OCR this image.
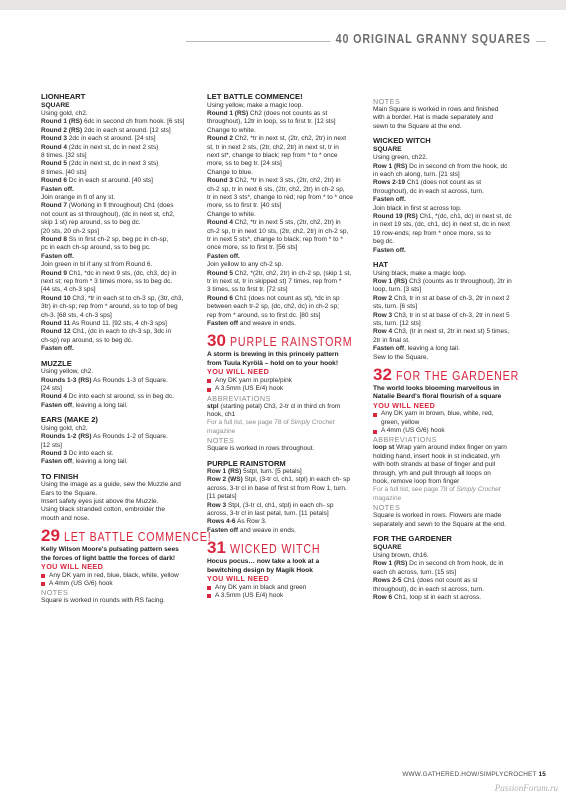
40 ORIGINAL GRANNY SQUARES

LIONHEART

SQUARE

Using gold, ch2.

Round 1 (RS) 6dc in second ch from hook. [6 sts]

Round 2 (RS) 2dc in each st around. [12 sts]

Round 3 2dc in each st around. [24 sts]

Round 4 (2dc in next st, dc in next 2 sts)

8 times. [32 sts]

Round 5 (2dc in next st, dc in next 3 sts)

8 times. [40 sts]

Round 6 Dc in each st around. [40 sts]

Fasten off.

Join orange in fl of any st.

Round 7 (Working in fl throughout) Ch1 (does

not count as st throughout), (dc in next st, ch2,

skip 1 st) rep around, ss to beg dc.

[20 sts, 20 ch-2 sps]

Round 8 Ss in first ch-2 sp, beg pc in ch-sp,

pc in each ch-sp around, ss to beg pc.

Fasten off.

Join green in bl if any st from Round 6.

Round 9 Ch1, *dc in next 9 sts, (dc, ch3, dc) in

next st; rep from * 3 times more, ss to beg dc.

[44 sts, 4 ch-3 sps]

Round 10 Ch3, *tr in each st to ch-3 sp, (3tr, ch3,

3tr) in ch-sp; rep from * around, ss to top of beg

ch-3. [68 sts, 4 ch-3 sps]

Round 11 As Round 11. [92 sts, 4 ch-3 sps]

Round 12 Ch1, (dc in each to ch-3 sp, 3dc in

ch-sp) rep around, ss to beg dc.

Fasten off.

MUZZLE

Using yellow, ch2.

Rounds 1-3 (RS) As Rounds 1-3 of Square.

[24 sts]

Round 4 Dc into each st around, ss in beg dc.

Fasten off, leaving a long tail.

EARS (MAKE 2)

Using gold, ch2.

Rounds 1-2 (RS) As Rounds 1-2 of Square.

[12 sts]

Round 3 Dc into each st.

Fasten off, leaving a long tail.

TO FINISH

Using the image as a guide, sew the Muzzle and

Ears to the Square.

Insert safety eyes just above the Muzzle.

Using black stranded cotton, embroider the

mouth and nose.

29 LET BATTLE COMMENCE!

Kelly Wilson Moore's pulsating pattern sees

the forces of light battle the forces of dark!

YOU WILL NEED

Any DK yarn in red, blue, black, white, yellow

A 4mm (US G/6) hook

NOTES

Square is worked in rounds with RS facing.

LET BATTLE COMMENCE!

Using yellow, make a magic loop.

Round 1 (RS) Ch2 (does not counts as st

throughout), 12tr in loop, ss to first tr. [12 sts]

Change to white.

Round 2 Ch2, *tr in next st, (2tr, ch2, 2tr) in next

st, tr in next 2 sts, (2tr, ch2, 2tr) in next st, tr in

next st*, change to black; rep from * to * once

more, ss to beg tr. [24 sts]

Change to blue.

Round 3 Ch2, *tr in next 3 sts, (2tr, ch2, 2tr) in

ch-2 sp, tr in next 6 sts, (2tr, ch2, 2tr) in ch-2 sp,

tr in next 3 sts*, change to red; rep from * to * once

more, ss to first tr. [40 sts]

Change to white.

Round 4 Ch2, *tr in next 5 sts, (2tr, ch2, 2tr) in

ch-2 sp, tr in next 10 sts, (2tr, ch2, 2tr) in ch-2 sp,

tr in next 5 sts*, change to black; rep from * to *

once more, ss to first tr. [56 sts]

Fasten off.

Join yellow to any ch-2 sp.

Round 5 Ch2, *(2tr, ch2, 2tr) in ch-2 sp, (skip 1 st,

tr in next st, tr in skipped st) 7 times, rep from *

3 times, ss to first tr. [72 sts]

Round 6 Ch1 (does not count as st), *dc in sp

between each tr-2 sp, (dc, ch2, dc) in ch-2 sp;

rep from * around, ss to first dc. [80 sts]

Fasten off and weave in ends.

30 PURPLE RAINSTORM

A storm is brewing in this princely pattern

from Tuula Kyrölä – hold on to your hook!

YOU WILL NEED

Any DK yarn in purple/pink

A 3.5mm (US E/4) hook

ABBREVIATIONS

stpl (starting petal) Ch3, 2-tr cl in third ch from

hook, ch1

For a full list, see page 78 of Simply Crochet
magazine

NOTES

Square is worked in rows throughout.

PURPLE RAINSTORM

Row 1 (RS) 5stpl, turn. [5 petals]

Row 2 (WS) Stpl, (3-tr cl, ch1, stpl) in each ch- sp

across, 3-tr cl in base of first st from Row 1, turn.

[11 petals]

Row 3 Stpl, (3-tr cl, ch1, stpl) in each ch- sp

across, 3-tr cl in last petal, turn. [11 petals]

Rows 4-6 As Row 3.

Fasten off and weave in ends.

31 WICKED WITCH

Hocus pocus… now take a look at a

bewitching design by Magik Hook

YOU WILL NEED

Any DK yarn in black and green

A 3.5mm (US E/4) hook

NOTES

Main Square is worked in rows and finished

with a border. Hat is made separately and

sewn to the Square at the end.

WICKED WITCH

SQUARE

Using green, ch22.

Row 1 (RS) Dc in second ch from the hook, dc

in each ch along, turn. [21 sts]

Rows 2-19 Ch1 (does not count as st

throughout), dc in each st across, turn.

Fasten off.

Join black in first st across top.

Round 19 (RS) Ch1, *(dc, ch1, dc) in next st, dc

in next 19 sts, (dc, ch1, dc) in next st, dc in next

19 row-ends; rep from * once more, ss to

beg dc.

Fasten off.

HAT

Using black, make a magic loop.

Row 1 (RS) Ch3 (counts as tr throughout), 2tr in

loop, turn. [3 sts]

Row 2 Ch3, tr in st at base of ch-3, 2tr in next 2

sts, turn. [6 sts]

Row 3 Ch3, tr in st at base of ch-3, 2tr in next 5

sts, turn. [12 sts]

Row 4 Ch3, (tr in next st, 2tr in next st) 5 times,

2tr in final st.

Fasten off, leaving a long tail.

Sew to the Square.

32 FOR THE GARDENER

The world looks blooming marvellous in

Natalie Beard's floral flourish of a square

YOU WILL NEED

Any DK yarn in brown, blue, white, red,

green, yellow

A 4mm (US G/6) hook

ABBREVIATIONS

loop st Wrap yarn around index finger on yarn

holding hand, insert hook in st indicated, yrh

with both strands at base of finger and pull

through, yrh and pull through all loops on

hook, remove loop from finger

For a full list, see page 78 of Simply Crochet
magazine

NOTES

Square is worked in rows. Flowers are made

separately and sewn to the Square at the end.

FOR THE GARDENER

SQUARE

Using brown, ch16.

Row 1 (RS) Dc in second ch from hook, dc in

each ch across, turn. [15 sts]

Rows 2-5 Ch1 (does not count as st

throughout), dc in each st across, turn.

Row 6 Ch1, loop st in each st across.

WWW.GATHERED.HOW/SIMPLYCROCHET 15
PassionForum.ru
